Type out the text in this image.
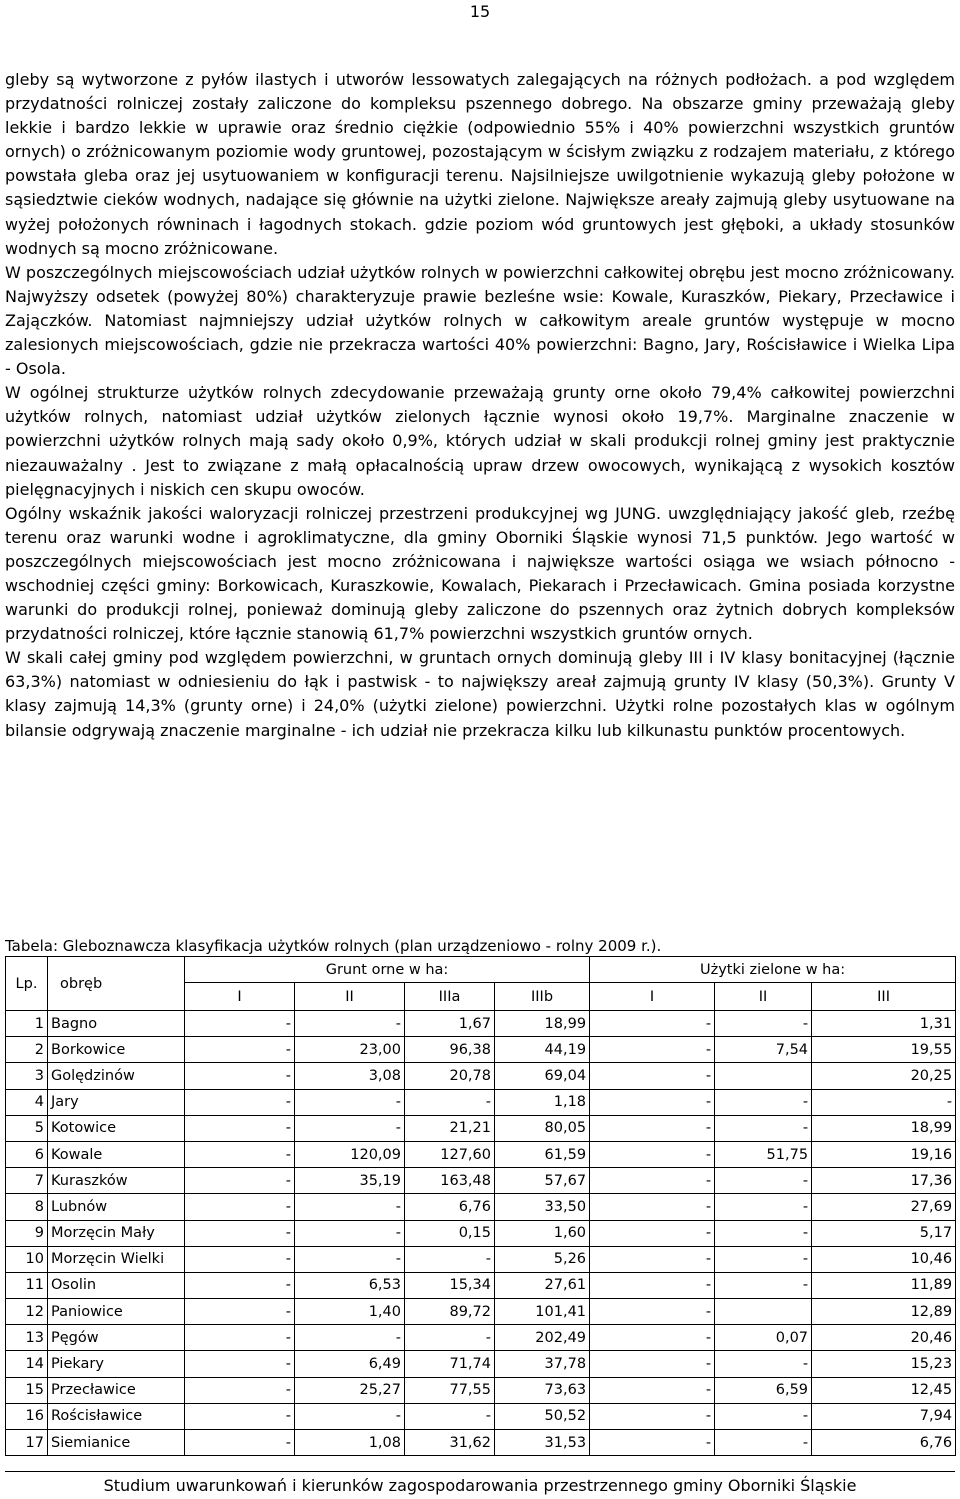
15

gleby są wytworzone z pyłów ilastych i utworów lessowatych zalegających na różnych podłożach. a pod względem przydatności rolniczej zostały zaliczone do kompleksu pszennego dobrego. Na obszarze gminy przeważają gleby lekkie i bardzo lekkie w uprawie oraz średnio ciężkie (odpowiednio 55% i 40% powierzchni wszystkich gruntów ornych) o zróżnicowanym poziomie wody gruntowej, pozostającym w ścisłym związku z rodzajem materiału, z którego powstała gleba oraz jej usytuowaniem w konfiguracji terenu. Najsilniejsze uwilgotnienie wykazują gleby położone w sąsiedztwie cieków wodnych, nadające się głównie na użytki zielone. Największe areały zajmują gleby usytuowane na wyżej położonych równinach i łagodnych stokach. gdzie poziom wód gruntowych jest głęboki, a układy stosunków wodnych są mocno zróżnicowane.

W poszczególnych miejscowościach udział użytków rolnych w powierzchni całkowitej obrębu jest mocno zróżnicowany. Najwyższy odsetek (powyżej 80%) charakteryzuje prawie bezleśne wsie: Kowale, Kuraszków, Piekary, Przecławice i Zajączków. Natomiast najmniejszy udział użytków rolnych w całkowitym areale gruntów występuje w mocno zalesionych miejscowościach, gdzie nie przekracza wartości 40% powierzchni: Bagno, Jary, Rościsławice i Wielka Lipa - Osola.

W ogólnej strukturze użytków rolnych zdecydowanie przeważają grunty orne około 79,4% całkowitej powierzchni użytków rolnych, natomiast udział użytków zielonych łącznie wynosi około 19,7%. Marginalne znaczenie w powierzchni użytków rolnych mają sady około 0,9%, których udział w skali produkcji rolnej gminy jest praktycznie niezauważalny . Jest to związane z małą opłacalnością upraw drzew owocowych, wynikającą z wysokich kosztów pielęgnacyjnych i niskich cen skupu owoców.

Ogólny wskaźnik jakości waloryzacji rolniczej przestrzeni produkcyjnej wg JUNG. uwzględniający jakość gleb, rzeźbę terenu oraz warunki wodne i agroklimatyczne, dla gminy Oborniki Śląskie wynosi 71,5 punktów. Jego wartość w poszczególnych miejscowościach jest mocno zróżnicowana i największe wartości osiąga we wsiach północno - wschodniej części gminy: Borkowicach, Kuraszkowie, Kowalach, Piekarach i Przecławicach. Gmina posiada korzystne warunki do produkcji rolnej, ponieważ dominują gleby zaliczone do pszennych oraz żytnich dobrych kompleksów przydatności rolniczej, które łącznie stanowią 61,7% powierzchni wszystkich gruntów ornych.

W skali całej gminy pod względem powierzchni, w gruntach ornych dominują gleby III i IV klasy bonitacyjnej (łącznie 63,3%) natomiast w odniesieniu do łąk i pastwisk - to największy areał zajmują grunty IV klasy (50,3%). Grunty V klasy zajmują 14,3% (grunty orne) i 24,0% (użytki zielone) powierzchni. Użytki rolne pozostałych klas w ogólnym bilansie odgrywają znaczenie marginalne - ich udział nie przekracza kilku lub kilkunastu punktów procentowych.

Tabela: Gleboznawcza klasyfikacja użytków rolnych (plan urządzeniowo - rolny 2009 r.).
Lp.	obręb	Grunt orne w ha:				Użytki zielone w ha:		
		I	II	IIIa	IIIb	I	II	III
1	Bagno	-	-	1,67	18,99	-	-	1,31
2	Borkowice	-	23,00	96,38	44,19	-	7,54	19,55
3	Golędzinów	-	3,08	20,78	69,04	-		20,25
4	Jary	-	-	-	1,18	-	-	-
5	Kotowice	-	-	21,21	80,05	-	-	18,99
6	Kowale	-	120,09	127,60	61,59	-	51,75	19,16
7	Kuraszków	-	35,19	163,48	57,67	-	-	17,36
8	Lubnów	-	-	6,76	33,50	-	-	27,69
9	Morzęcin Mały	-	-	0,15	1,60	-	-	5,17
10	Morzęcin Wielki	-	-	-	5,26	-	-	10,46
11	Osolin	-	6,53	15,34	27,61	-	-	11,89
12	Paniowice	-	1,40	89,72	101,41	-		12,89
13	Pęgów	-	-	-	202,49	-	0,07	20,46
14	Piekary	-	6,49	71,74	37,78	-	-	15,23
15	Przecławice	-	25,27	77,55	73,63	-	6,59	12,45
16	Rościsławice	-	-	-	50,52	-	-	7,94
17	Siemianice	-	1,08	31,62	31,53	-	-	6,76
Studium uwarunkowań i kierunków zagospodarowania przestrzennego gminy Oborniki Śląskie
